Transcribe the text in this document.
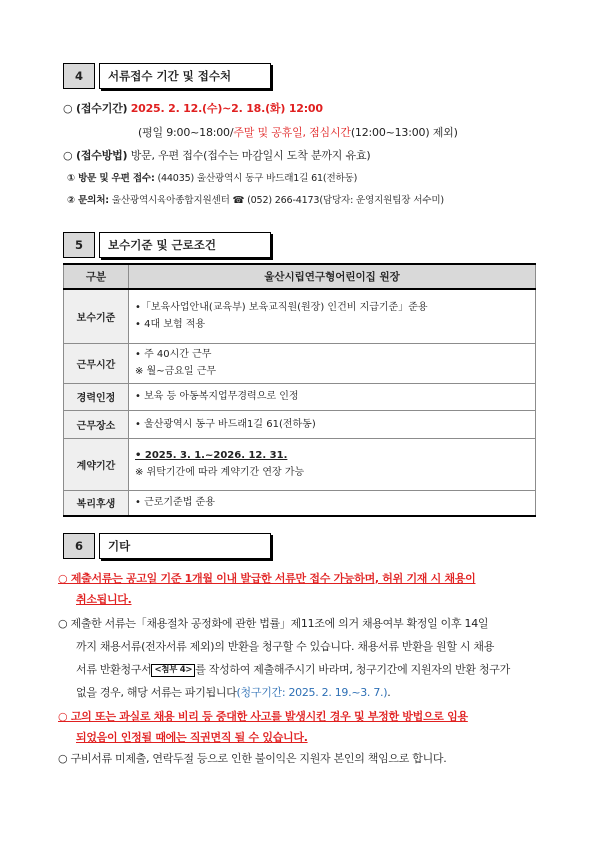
4	서류접수 기간 및 접수처
○ (접수기간) 2025. 2. 12.(수)~2. 18.(화) 12:00
(평일 9:00~18:00/주말 및 공휴일, 점심시간(12:00~13:00) 제외)
○ (접수방법) 방문, 우편 접수(접수는 마감일시 도착 분까지 유효)
① 방문 및 우편 접수: (44035) 울산광역시 동구 바드래1길 61(전하동)
② 문의처: 울산광역시육아종합지원센터 ☎ (052) 266-4173(담당자: 운영지원팀장 서수미)
5	보수기준 및 근로조건
구분	울산시립연구형어린이집 원장
보수기준	•「보육사업안내(교육부) 보육교직원(원장) 인건비 지급기준」준용
• 4대 보험 적용

근무시간	• 주 40시간 근무
※ 월~금요일 근무

경력인정	• 보육 등 아동복지업무경력으로 인정

근무장소	• 울산광역시 동구 바드래1길 61(전하동)

계약기간	• 2025. 3. 1.~2026. 12. 31.
※ 위탁기간에 따라 계약기간 연장 가능

복리후생	• 근로기준법 준용
6	기타
○ 제출서류는 공고일 기준 1개월 이내 발급한 서류만 접수 가능하며, 허위 기재 시 채용이
취소됩니다.
○ 제출한 서류는「채용절차 공정화에 관한 법률」제11조에 의거 채용여부 확정일 이후 14일
까지 채용서류(전자서류 제외)의 반환을 청구할 수 있습니다. 채용서류 반환을 원할 시 채용
서류 반환청구서 <첨부 4> 를 작성하여 제출해주시기 바라며, 청구기간에 지원자의 반환 청구가
없을 경우, 해당 서류는 파기됩니다(청구기간: 2025. 2. 19.~3. 7.).
○ 고의 또는 과실로 채용 비리 등 중대한 사고를 발생시킨 경우 및 부정한 방법으로 임용
되었음이 인정될 때에는 직권면직 될 수 있습니다.
○ 구비서류 미제출, 연락두절 등으로 인한 불이익은 지원자 본인의 책임으로 합니다.
